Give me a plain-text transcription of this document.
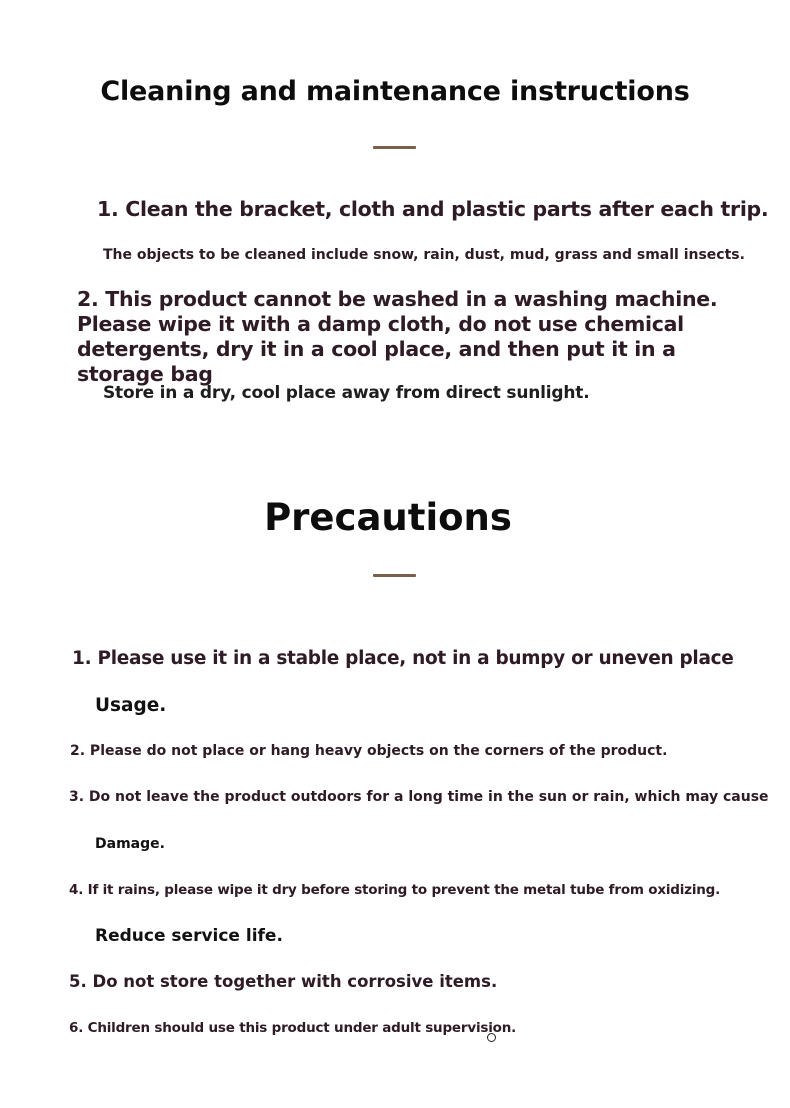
Cleaning and maintenance instructions
1. Clean the bracket, cloth and plastic parts after each trip.
The objects to be cleaned include snow, rain, dust, mud, grass and small insects.
2. This product cannot be washed in a washing machine. Please wipe it with a damp cloth, do not use chemical detergents, dry it in a cool place, and then put it in a storage bag
Store in a dry, cool place away from direct sunlight.
Precautions
1. Please use it in a stable place, not in a bumpy or uneven place
Usage.
2. Please do not place or hang heavy objects on the corners of the product.
3. Do not leave the product outdoors for a long time in the sun or rain, which may cause
Damage.
4. If it rains, please wipe it dry before storing to prevent the metal tube from oxidizing.
Reduce service life.
5. Do not store together with corrosive items.
6. Children should use this product under adult supervision.
